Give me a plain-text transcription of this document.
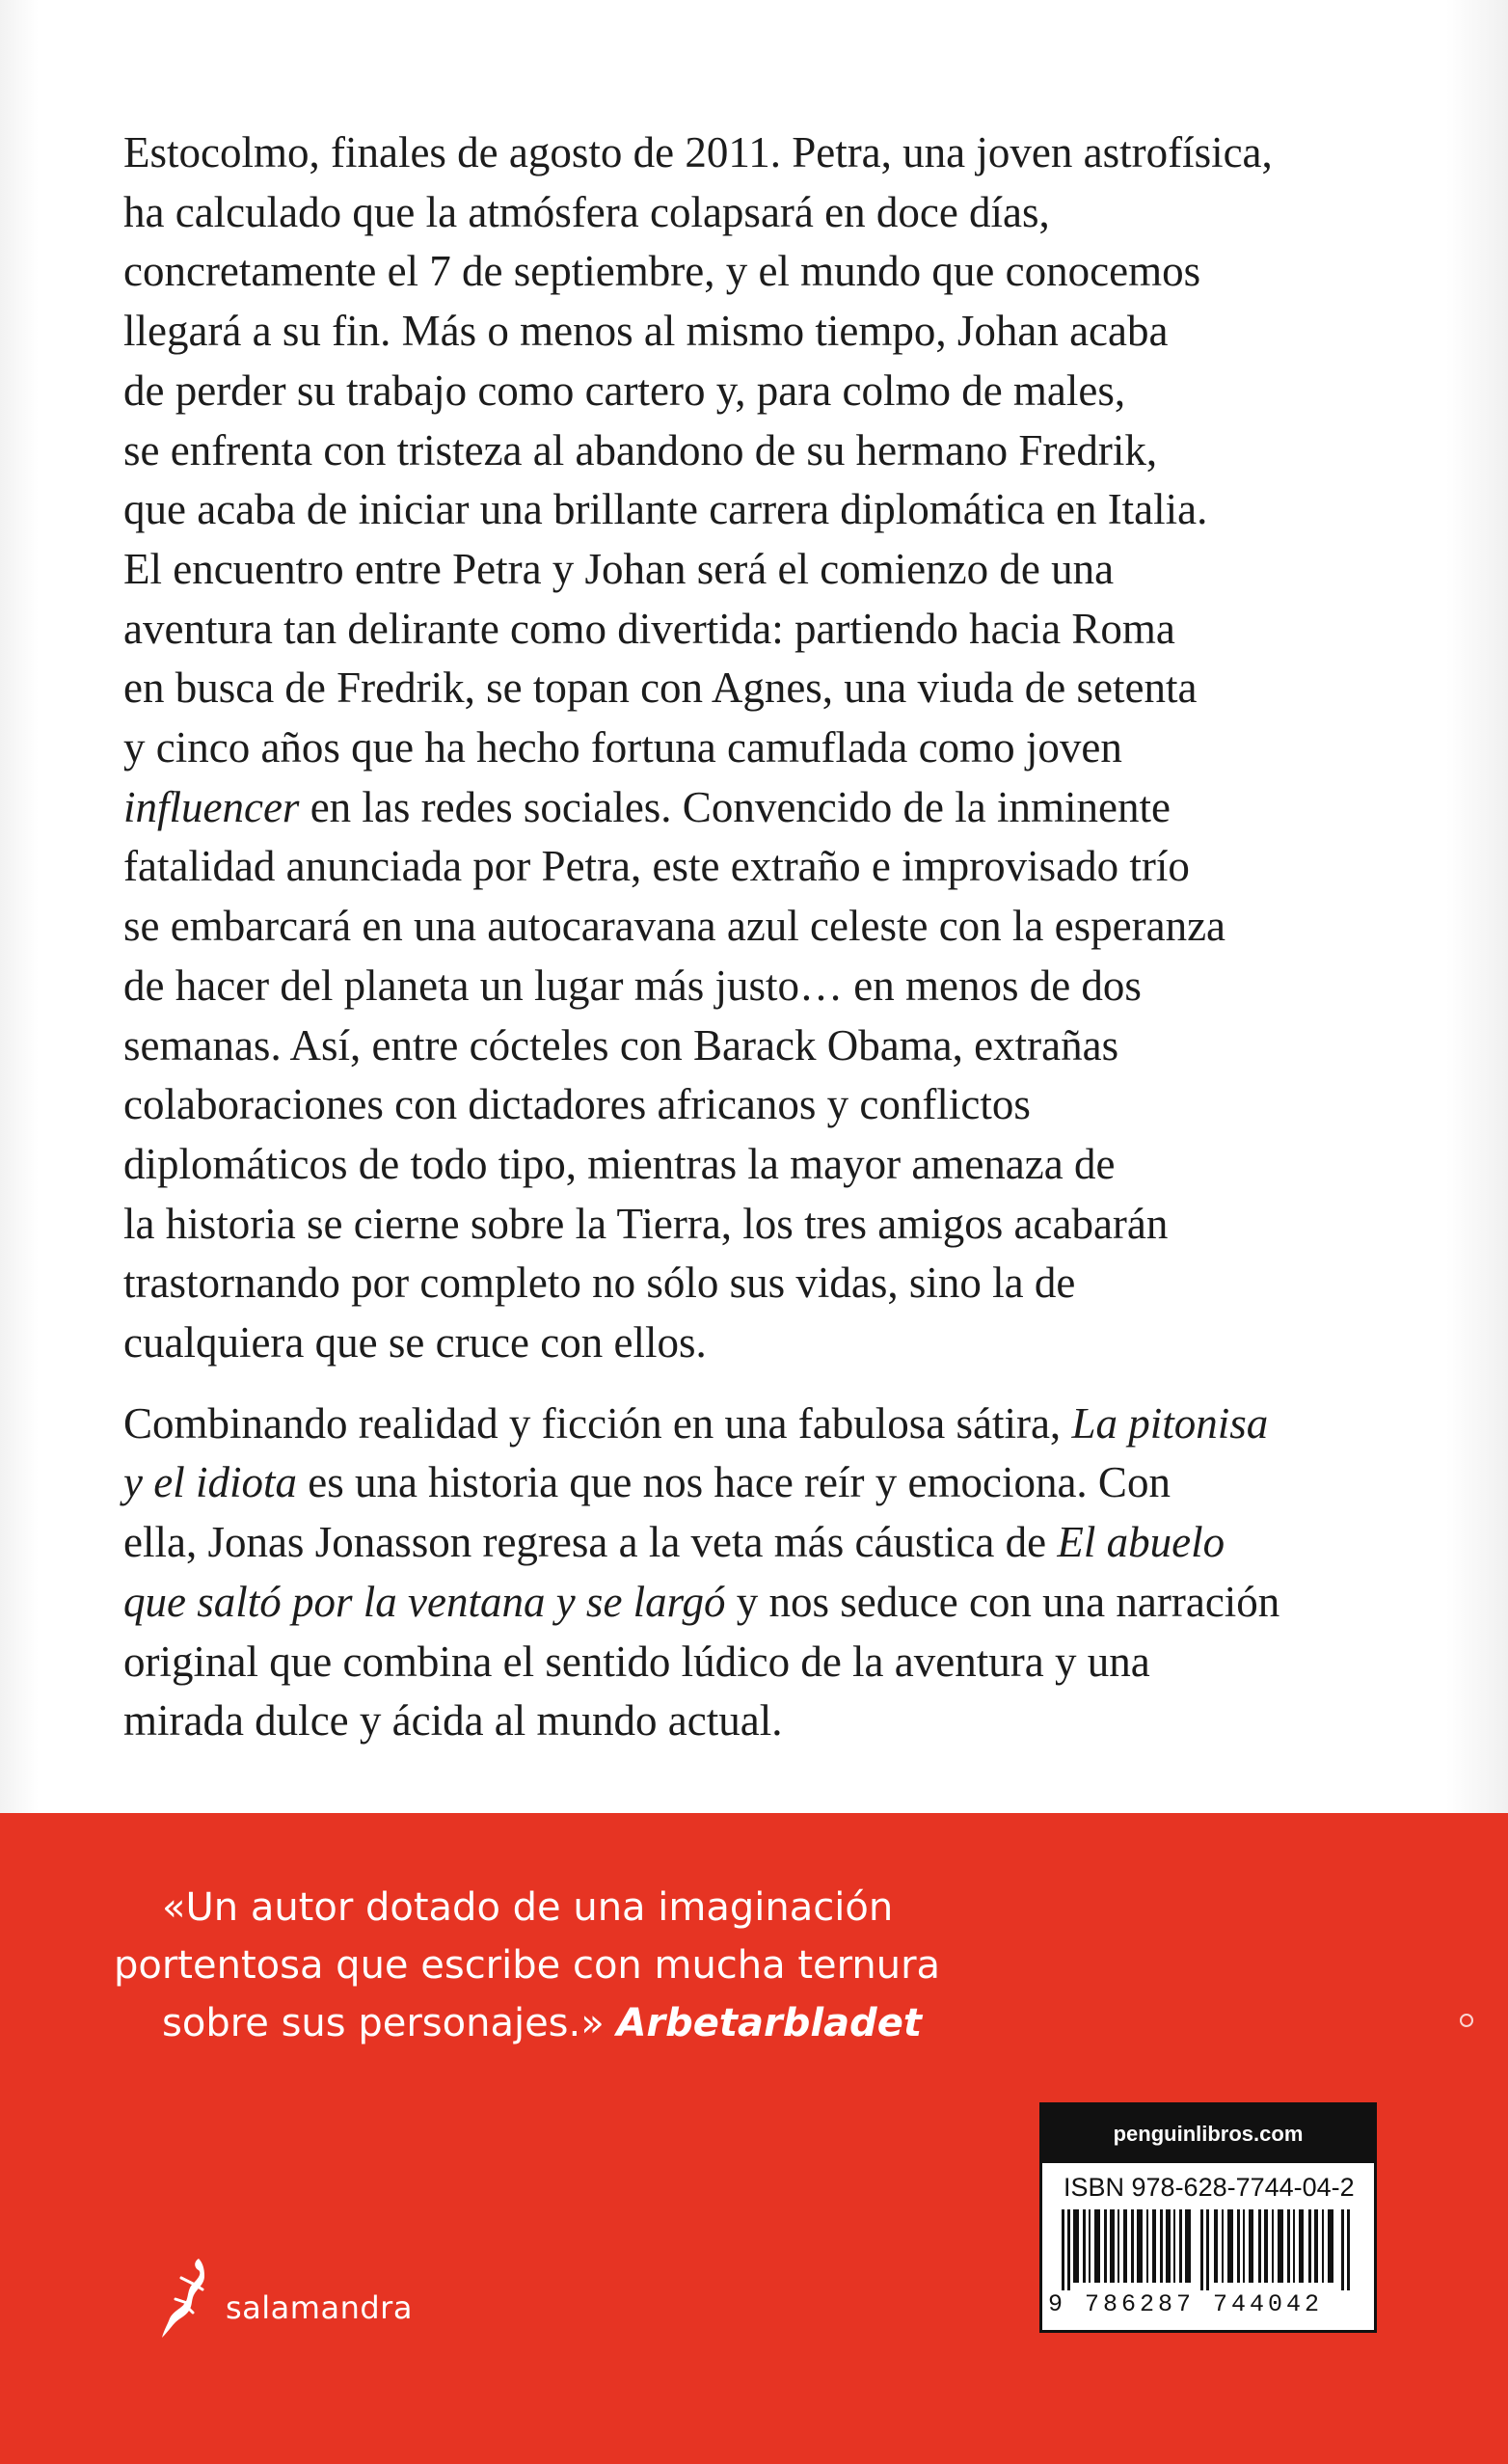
Estocolmo, finales de agosto de 2011. Petra, una joven astrofísica,
ha calculado que la atmósfera colapsará en doce días,
concretamente el 7 de septiembre, y el mundo que conocemos
llegará a su fin. Más o menos al mismo tiempo, Johan acaba
de perder su trabajo como cartero y, para colmo de males,
se enfrenta con tristeza al abandono de su hermano Fredrik,
que acaba de iniciar una brillante carrera diplomática en Italia.
El encuentro entre Petra y Johan será el comienzo de una
aventura tan delirante como divertida: partiendo hacia Roma
en busca de Fredrik, se topan con Agnes, una viuda de setenta
y cinco años que ha hecho fortuna camuflada como joven
influencer en las redes sociales. Convencido de la inminente
fatalidad anunciada por Petra, este extraño e improvisado trío
se embarcará en una autocaravana azul celeste con la esperanza
de hacer del planeta un lugar más justo… en menos de dos
semanas. Así, entre cócteles con Barack Obama, extrañas
colaboraciones con dictadores africanos y conflictos
diplomáticos de todo tipo, mientras la mayor amenaza de
la historia se cierne sobre la Tierra, los tres amigos acabarán
trastornando por completo no sólo sus vidas, sino la de
cualquiera que se cruce con ellos.
Combinando realidad y ficción en una fabulosa sátira, La pitonisa
y el idiota es una historia que nos hace reír y emociona. Con
ella, Jonas Jonasson regresa a la veta más cáustica de El abuelo
que saltó por la ventana y se largó y nos seduce con una narración
original que combina el sentido lúdico de la aventura y una
mirada dulce y ácida al mundo actual.
«Un autor dotado de una imaginación
portentosa que escribe con mucha ternura
sobre sus personajes.» Arbetarbladet
salamandra
penguinlibros.com
ISBN 978-628-7744-04-2
9 786287 744042
